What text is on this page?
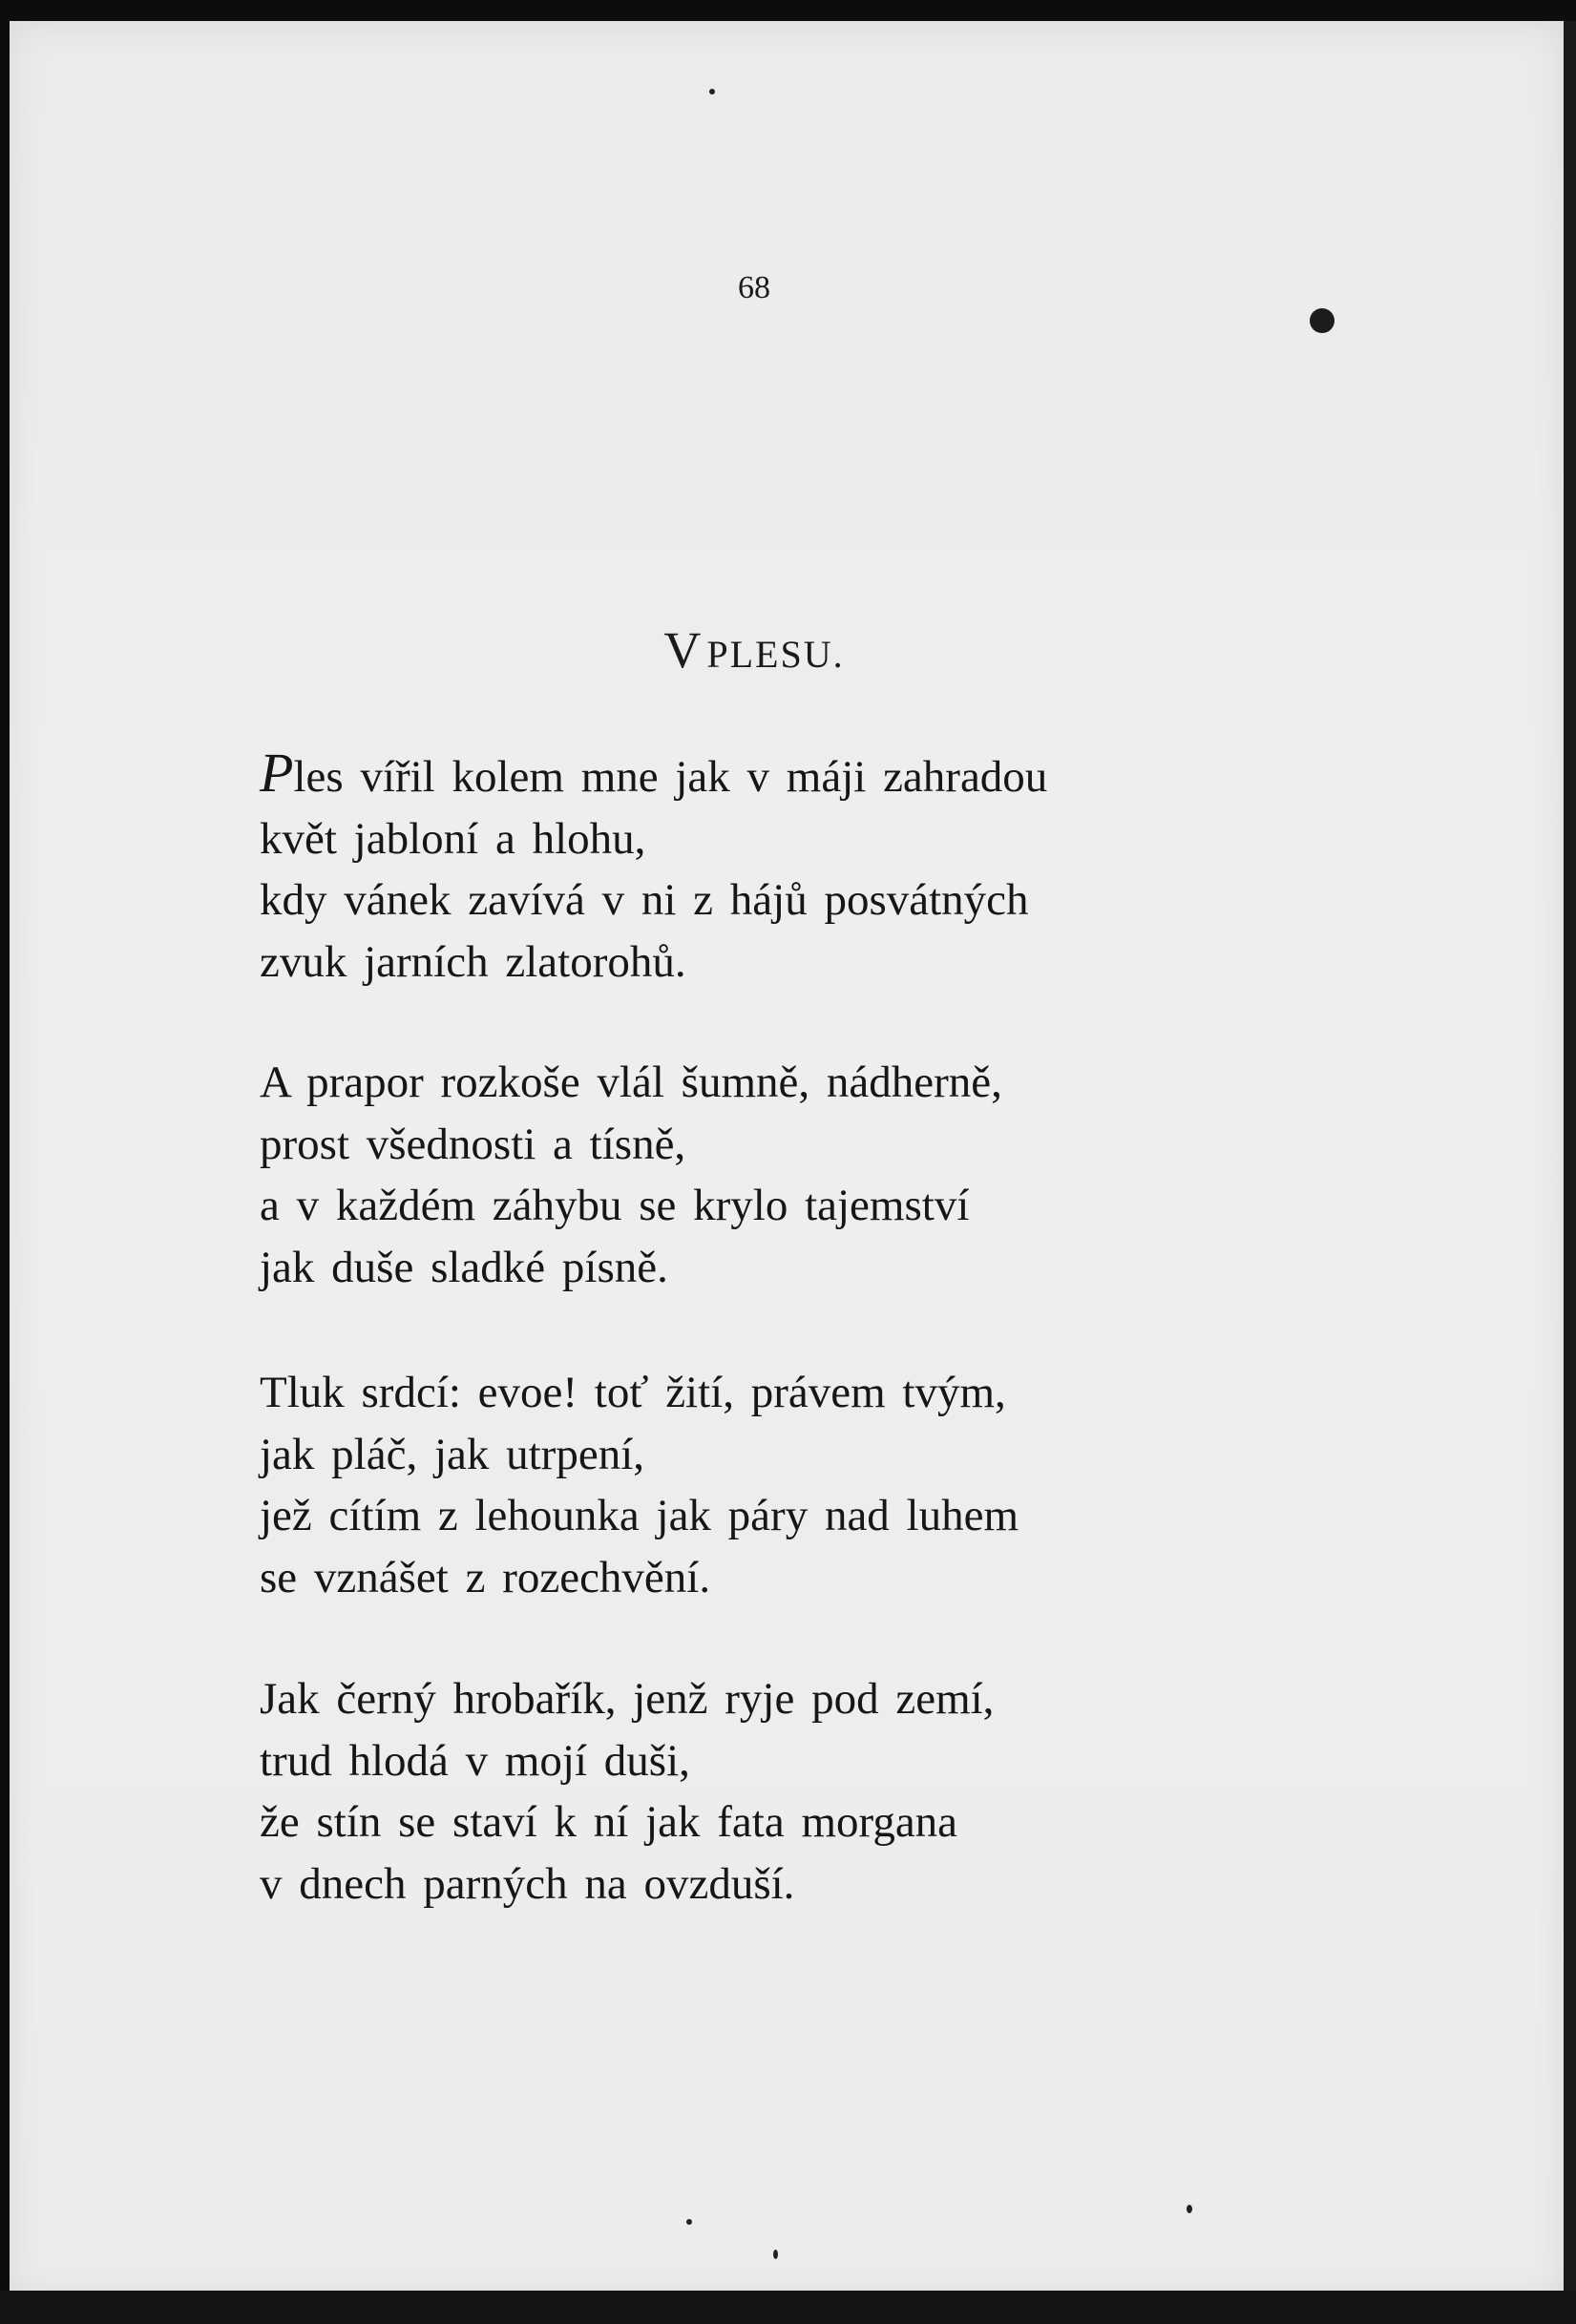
68
V PLESU.
Ples vířil kolem mne jak v máji zahradou
květ jabloní a hlohu,
kdy vánek zavívá v ni z hájů posvátných
zvuk jarních zlatorohů.
A prapor rozkoše vlál šumně, nádherně,
prost všednosti a tísně,
a v každém záhybu se krylo tajemství
jak duše sladké písně.
Tluk srdcí: evoe! toť žití, právem tvým,
jak pláč, jak utrpení,
jež cítím z lehounka jak páry nad luhem
se vznášet z rozechvění.
Jak černý hrobařík, jenž ryje pod zemí,
trud hlodá v mojí duši,
že stín se staví k ní jak fata morgana
v dnech parných na ovzduší.
